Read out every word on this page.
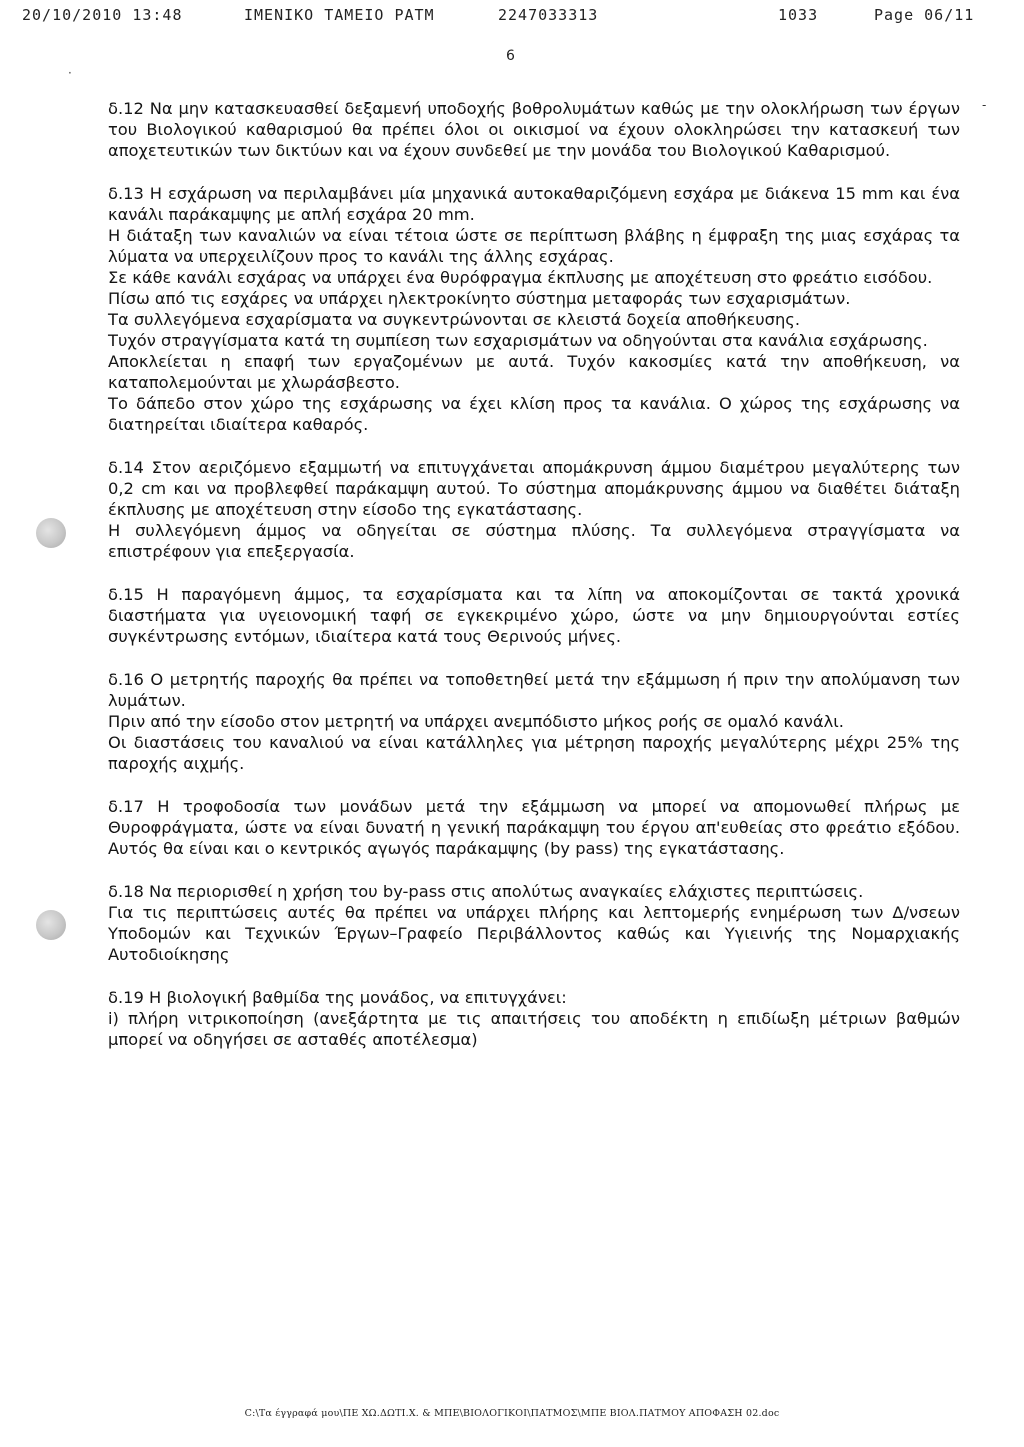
20/10/2010 13:48	IMENIKO TAMEIO PATM	2247033313	1033	Page 06/11
·
6
-

δ.12 Να μην κατασκευασθεί δεξαμενή υποδοχής βοθρολυμάτων καθώς με την ολοκλήρωση των έργων του Βιολογικού καθαρισμού θα πρέπει όλοι οι οικισμοί να έχουν ολοκληρώσει την κατασκευή των αποχετευτικών των δικτύων και να έχουν συνδεθεί με την μονάδα του Βιολογικού Καθαρισμού.

δ.13 Η εσχάρωση να περιλαμβάνει μία μηχανικά αυτοκαθαριζόμενη εσχάρα με διάκενα 15 mm και ένα κανάλι παράκαμψης με απλή εσχάρα 20 mm.

Η διάταξη των καναλιών να είναι τέτοια ώστε σε περίπτωση βλάβης η έμφραξη της μιας εσχάρας τα λύματα να υπερχειλίζουν προς το κανάλι της άλλης εσχάρας.

Σε κάθε κανάλι εσχάρας να υπάρχει ένα θυρόφραγμα έκπλυσης με αποχέτευση στο φρεάτιο εισόδου.

Πίσω από τις εσχάρες να υπάρχει ηλεκτροκίνητο σύστημα μεταφοράς των εσχαρισμάτων.

Τα συλλεγόμενα εσχαρίσματα να συγκεντρώνονται σε κλειστά δοχεία αποθήκευσης.

Τυχόν στραγγίσματα κατά τη συμπίεση των εσχαρισμάτων να οδηγούνται στα κανάλια εσχάρωσης.

Αποκλείεται η επαφή των εργαζομένων με αυτά. Τυχόν κακοσμίες κατά την αποθήκευση, να καταπολεμούνται με χλωράσβεστο.

Το δάπεδο στον χώρο της εσχάρωσης να έχει κλίση προς τα κανάλια. Ο χώρος της εσχάρωσης να διατηρείται ιδιαίτερα καθαρός.

δ.14 Στον αεριζόμενο εξαμμωτή να επιτυγχάνεται απομάκρυνση άμμου διαμέτρου μεγαλύτερης των 0,2 cm και να προβλεφθεί παράκαμψη αυτού. Το σύστημα απομάκρυνσης άμμου να διαθέτει διάταξη έκπλυσης με αποχέτευση στην είσοδο της εγκατάστασης.

Η συλλεγόμενη άμμος να οδηγείται σε σύστημα πλύσης. Τα συλλεγόμενα στραγγίσματα να επιστρέφουν για επεξεργασία.

δ.15 Η παραγόμενη άμμος, τα εσχαρίσματα και τα λίπη να αποκομίζονται σε τακτά χρονικά διαστήματα για υγειονομική ταφή σε εγκεκριμένο χώρο, ώστε να μην δημιουργούνται εστίες συγκέντρωσης εντόμων, ιδιαίτερα κατά τους Θερινούς μήνες.

δ.16 Ο μετρητής παροχής θα πρέπει να τοποθετηθεί μετά την εξάμμωση ή πριν την απολύμανση των λυμάτων.

Πριν από την είσοδο στον μετρητή να υπάρχει ανεμπόδιστο μήκος ροής σε ομαλό κανάλι.

Οι διαστάσεις του καναλιού να είναι κατάλληλες για μέτρηση παροχής μεγαλύτερης μέχρι 25% της παροχής αιχμής.

δ.17 Η τροφοδοσία των μονάδων μετά την εξάμμωση να μπορεί να απομονωθεί πλήρως με Θυροφράγματα, ώστε να είναι δυνατή η γενική παράκαμψη του έργου απ'ευθείας στο φρεάτιο εξόδου. Αυτός θα είναι και ο κεντρικός αγωγός παράκαμψης (by pass) της εγκατάστασης.

δ.18 Να περιορισθεί η χρήση του by-pass στις απολύτως αναγκαίες ελάχιστες περιπτώσεις.

Για τις περιπτώσεις αυτές θα πρέπει να υπάρχει πλήρης και λεπτομερής ενημέρωση των Δ/νσεων Υποδομών και Τεχνικών Έργων–Γραφείο Περιβάλλοντος καθώς και Υγιεινής της Νομαρχιακής Αυτοδιοίκησης

δ.19 Η βιολογική βαθμίδα της μονάδος, να επιτυγχάνει:

i) πλήρη νιτρικοποίηση (ανεξάρτητα με τις απαιτήσεις του αποδέκτη η επιδίωξη μέτριων βαθμών μπορεί να οδηγήσει σε ασταθές αποτέλεσμα)

C:\Τα έγγραφά μου\ΠΕ ΧΩ.ΔΩΤΙ.Χ. & ΜΠΕ\ΒΙΟΛΟΓΙΚΟΙ\ΠΑΤΜΟΣ\ΜΠΕ ΒΙΟΛ.ΠΑΤΜΟΥ ΑΠΟΦΑΣΗ 02.doc
